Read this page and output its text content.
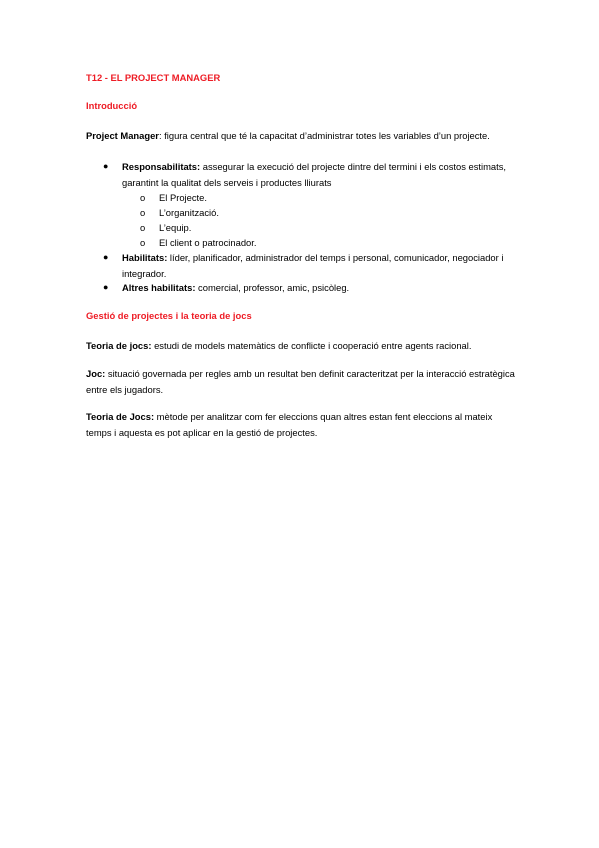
T12 - EL PROJECT MANAGER
Introducció
Project Manager: figura central que té la capacitat d’administrar totes les variables d’un projecte.
● Responsabilitats: assegurar la execució del projecte dintre del termini i els costos estimats, garantint la qualitat dels serveis i productes lliurats
o El Projecte.
o L’organització.
o L’equip.
o El client o patrocinador.
● Habilitats: líder, planificador, administrador del temps i personal, comunicador, negociador i integrador.
● Altres habilitats: comercial, professor, amic, psicòleg.
Gestió de projectes i la teoria de jocs
Teoria de jocs: estudi de models matemàtics de conflicte i cooperació entre agents racional.
Joc: situació governada per regles amb un resultat ben definit caracteritzat per la interacció estratègica entre els jugadors.
Teoria de Jocs: mètode per analitzar com fer eleccions quan altres estan fent eleccions al mateix temps i aquesta es pot aplicar en la gestió de projectes.
